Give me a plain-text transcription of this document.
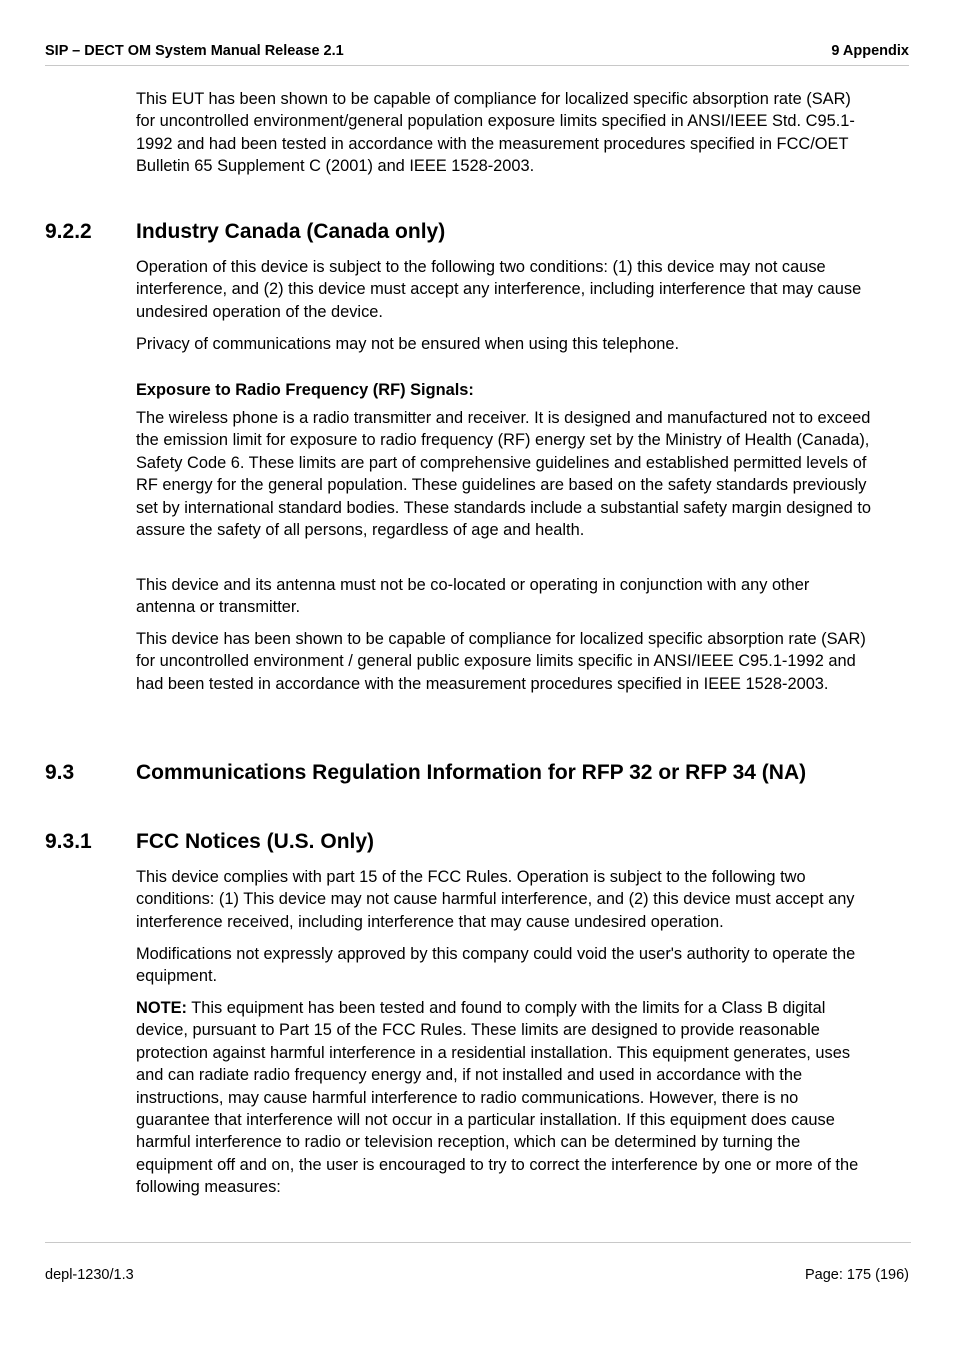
SIP – DECT OM System Manual Release 2.1	9 Appendix

This EUT has been shown to be capable of compliance for localized specific absorption rate (SAR) for uncontrolled environment/general population exposure limits specified in ANSI/IEEE Std. C95.1-1992 and had been tested in accordance with the measurement procedures specified in FCC/OET Bulletin 65 Supplement C (2001) and IEEE 1528-2003.

9.2.2 Industry Canada (Canada only)

Operation of this device is subject to the following two conditions: (1) this device may not cause interference, and (2) this device must accept any interference, including interference that may cause undesired operation of the device.

Privacy of communications may not be ensured when using this telephone.

Exposure to Radio Frequency (RF) Signals:

The wireless phone is a radio transmitter and receiver. It is designed and manufactured not to exceed the emission limit for exposure to radio frequency (RF) energy set by the Ministry of Health (Canada), Safety Code 6. These limits are part of comprehensive guidelines and established permitted levels of RF energy for the general population. These guidelines are based on the safety standards previously set by international standard bodies. These standards include a substantial safety margin designed to assure the safety of all persons, regardless of age and health.

This device and its antenna must not be co-located or operating in conjunction with any other antenna or transmitter.

This device has been shown to be capable of compliance for localized specific absorption rate (SAR) for uncontrolled environment / general public exposure limits specific in ANSI/IEEE C95.1-1992 and had been tested in accordance with the measurement procedures specified in IEEE 1528-2003.

9.3	Communications Regulation Information for RFP 32 or RFP 34 (NA)
9.3.1 FCC Notices (U.S. Only)

This device complies with part 15 of the FCC Rules. Operation is subject to the following two conditions: (1) This device may not cause harmful interference, and (2) this device must accept any interference received, including interference that may cause undesired operation.

Modifications not expressly approved by this company could void the user's authority to operate the equipment.

NOTE: This equipment has been tested and found to comply with the limits for a Class B digital device, pursuant to Part 15 of the FCC Rules. These limits are designed to provide reasonable protection against harmful interference in a residential installation. This equipment generates, uses and can radiate radio frequency energy and, if not installed and used in accordance with the instructions, may cause harmful interference to radio communications. However, there is no guarantee that interference will not occur in a particular installation. If this equipment does cause harmful interference to radio or television reception, which can be determined by turning the equipment off and on, the user is encouraged to try to correct the interference by one or more of the following measures:

depl-1230/1.3	Page: 175 (196)
